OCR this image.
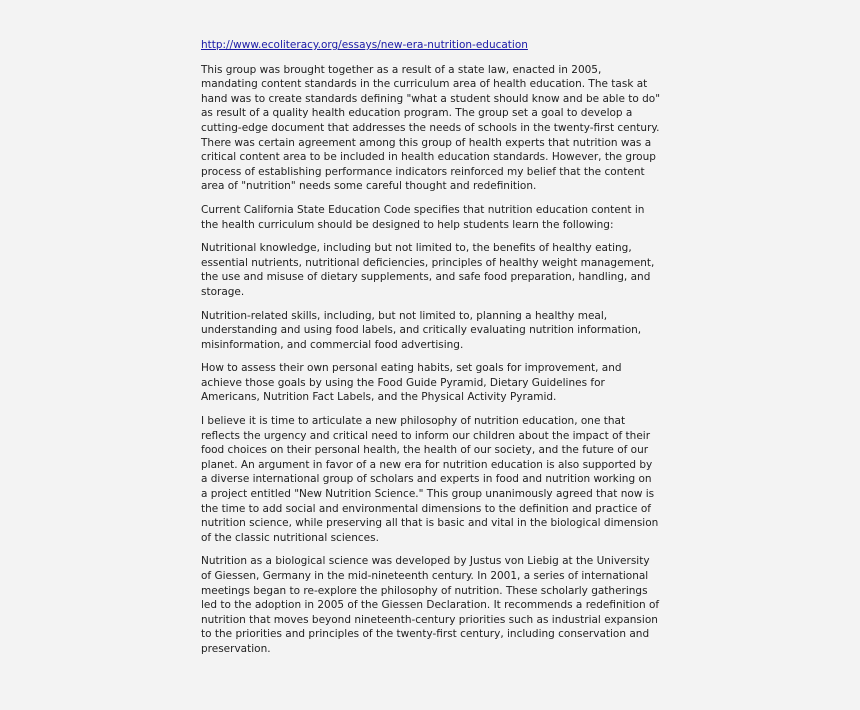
http://www.ecoliteracy.org/essays/new-era-nutrition-education

This group was brought together as a result of a state law, enacted in 2005, mandating content standards in the curriculum area of health education. The task at hand was to create standards defining "what a student should know and be able to do" as result of a quality health education program. The group set a goal to develop a cutting-edge document that addresses the needs of schools in the twenty-first century. There was certain agreement among this group of health experts that nutrition was a critical content area to be included in health education standards. However, the group process of establishing performance indicators reinforced my belief that the content area of "nutrition" needs some careful thought and redefinition.

Current California State Education Code specifies that nutrition education content in the health curriculum should be designed to help students learn the following:

Nutritional knowledge, including but not limited to, the benefits of healthy eating, essential nutrients, nutritional deficiencies, principles of healthy weight management, the use and misuse of dietary supplements, and safe food preparation, handling, and storage.

Nutrition-related skills, including, but not limited to, planning a healthy meal, understanding and using food labels, and critically evaluating nutrition information, misinformation, and commercial food advertising.

How to assess their own personal eating habits, set goals for improvement, and achieve those goals by using the Food Guide Pyramid, Dietary Guidelines for Americans, Nutrition Fact Labels, and the Physical Activity Pyramid.

I believe it is time to articulate a new philosophy of nutrition education, one that reflects the urgency and critical need to inform our children about the impact of their food choices on their personal health, the health of our society, and the future of our planet. An argument in favor of a new era for nutrition education is also supported by a diverse international group of scholars and experts in food and nutrition working on a project entitled "New Nutrition Science." This group unanimously agreed that now is the time to add social and environmental dimensions to the definition and practice of nutrition science, while preserving all that is basic and vital in the biological dimension of the classic nutritional sciences.

Nutrition as a biological science was developed by Justus von Liebig at the University of Giessen, Germany in the mid-nineteenth century. In 2001, a series of international meetings began to re-explore the philosophy of nutrition. These scholarly gatherings led to the adoption in 2005 of the Giessen Declaration. It recommends a redefinition of nutrition that moves beyond nineteenth-century priorities such as industrial expansion to the priorities and principles of the twenty-first century, including conservation and preservation.
